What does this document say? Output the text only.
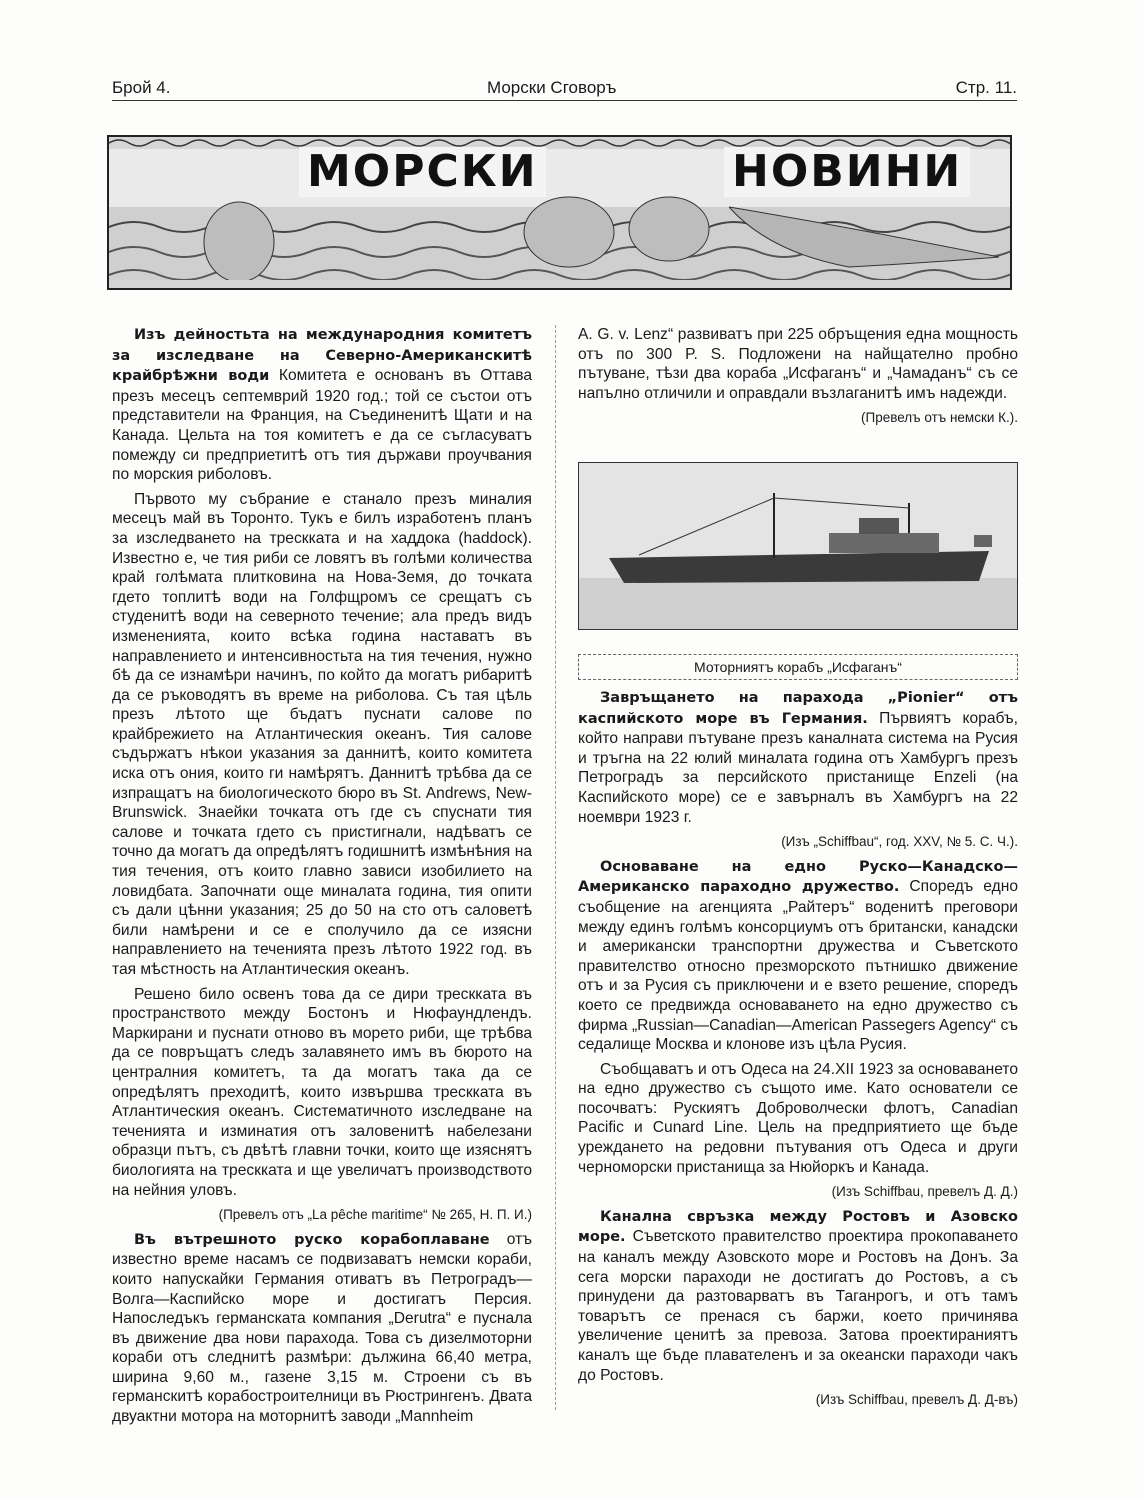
Брой 4.	Морски Сговоръ	Стр. 11.
МОРСКИ	НОВИНИ

Изъ дейностьта на международния комитетъ за изследване на Северно-Американскитѣ крайбрѣжни води Комитета е основанъ въ Оттава презъ месецъ септемврий 1920 год.; той се състои отъ представители на Франция, на Съединенитѣ Щати и на Канада. Цельта на тоя комитетъ е да се съгласуватъ помежду си предприетитѣ отъ тия държави проучвания по морския риболовъ.

Първото му събрание е станало презъ миналия месецъ май въ Торонто. Тукъ е билъ изработенъ планъ за изследването на трескката и на хаддока (haddock). Известно е, че тия риби се ловятъ въ голѣми количества край голѣмата плитковина на Нова-Земя, до точката гдето топлитѣ води на Голфщромъ се срещатъ съ студенитѣ води на северното течение; ала предъ видъ измененията, които всѣка година наставатъ въ направлението и интенсивностьта на тия течения, нужно бѣ да се изнамѣри начинъ, по който да могатъ рибаритѣ да се ръководятъ въ време на риболова. Съ тая цѣль презъ лѣтото ще бъдатъ пуснати салове по крайбрежието на Атлантическия океанъ. Тия салове съдържатъ нѣкои указания за даннитѣ, които комитета иска отъ ония, които ги намѣрятъ. Даннитѣ трѣбва да се изпращатъ на биологическото бюро въ St. Andrews, New-Brunswick. Знаейки точката отъ где съ спуснати тия салове и точката гдето съ пристигнали, надѣватъ се точно да могатъ да опредѣлятъ годишнитѣ измѣнѣния на тия течения, отъ които главно зависи изобилието на ловидбата. Започнати още миналата година, тия опити съ дали цѣнни указания; 25 до 50 на сто отъ саловетѣ били намѣрени и се е сполучило да се изясни направлението на теченията презъ лѣтото 1922 год. въ тая мѣстность на Атлантическия океанъ.

Решено било освенъ това да се дири трескката въ пространството между Бостонъ и Нюфаундлендъ. Маркирани и пуснати отново въ морето риби, ще трѣбва да се повръщатъ следъ залавянето имъ въ бюрото на централния комитетъ, та да могатъ така да се опредѣлятъ преходитѣ, които извършва трескката въ Атлантическия океанъ. Систематичното изследване на теченията и изминатия отъ заловенитѣ набелезани образци пътъ, съ двѣтѣ главни точки, които ще изяснятъ биологията на трескката и ще увеличатъ производството на нейния уловъ.

(Превелъ отъ „La pêche maritime“ № 265, Н. П. И.)

Въ вътрешното руско корабоплаване отъ известно време насамъ се подвизаватъ немски кораби, които напускайки Германия отиватъ въ Петроградъ—Волга—Каспийско море и достигатъ Персия. Напоследъкъ германската компания „Derutra“ е пуснала въ движение два нови парахода. Това съ дизелмоторни кораби отъ следнитѣ размѣри: дължина 66,40 метра, ширина 9,60 м., газене 3,15 м. Строени съ въ германскитѣ корабостроителници въ Рюстрингенъ. Двата двуактни мотора на моторнитѣ заводи „Mannheim

A. G. v. Lenz“ развиватъ при 225 обръщения една мощность отъ по 300 P. S. Подложени на найщателно пробно пътуване, тѣзи два кораба „Исфаганъ“ и „Чамаданъ“ съ се напълно отличили и оправдали възлаганитѣ имъ надежди.

(Превелъ отъ немски К.).

Моторниятъ корабъ „Исфаганъ“

Завръщането на парахода „Pionier“ отъ каспийското море въ Германия. Първиятъ корабъ, който направи пътуване презъ каналната система на Русия и тръгна на 22 юлий миналата година отъ Хамбургъ презъ Петроградъ за персийското пристанище Enzeli (на Каспийското море) се е завърналъ въ Хамбургъ на 22 ноември 1923 г.

(Изъ „Schiffbau“, год. XXV, № 5. С. Ч.).

Основаване на едно Руско—Канадско—Американско параходно дружество. Споредъ едно съобщение на агенцията „Райтеръ“ воденитѣ преговори между единъ голѣмъ консорциумъ отъ британски, канадски и американски транспортни дружества и Съветското правителство относно презморското пътнишко движение отъ и за Русия съ приключени и е взето решение, споредъ което се предвижда основаването на едно дружество съ фирма „Russian—Canadian—American Passegers Agency“ съ седалище Москва и клонове изъ цѣла Русия.

Съобщаватъ и отъ Одеса на 24.XII 1923 за основаването на едно дружество съ същото име. Като основатели се посочватъ: Рускиятъ Доброволчески флотъ, Canadian Pacific и Cunard Line. Цель на предприятието ще бъде уреждането на редовни пътувания отъ Одеса и други черноморски пристанища за Нюйоркъ и Канада.

(Изъ Schiffbau, превелъ Д. Д.)

Канална свръзка между Ростовъ и Азовско море. Съветското правителство проектира прокопаването на каналъ между Азовското море и Ростовъ на Донъ. За сега морски параходи не достигатъ до Ростовъ, а съ принудени да разтоварватъ въ Таганрогъ, и отъ тамъ товарътъ се пренася съ баржи, което причинява увеличение ценитѣ за превоза. Затова проектираниятъ каналъ ще бъде плавателенъ и за океански параходи чакъ до Ростовъ.

(Изъ Schiffbau, превелъ Д. Д-въ)
